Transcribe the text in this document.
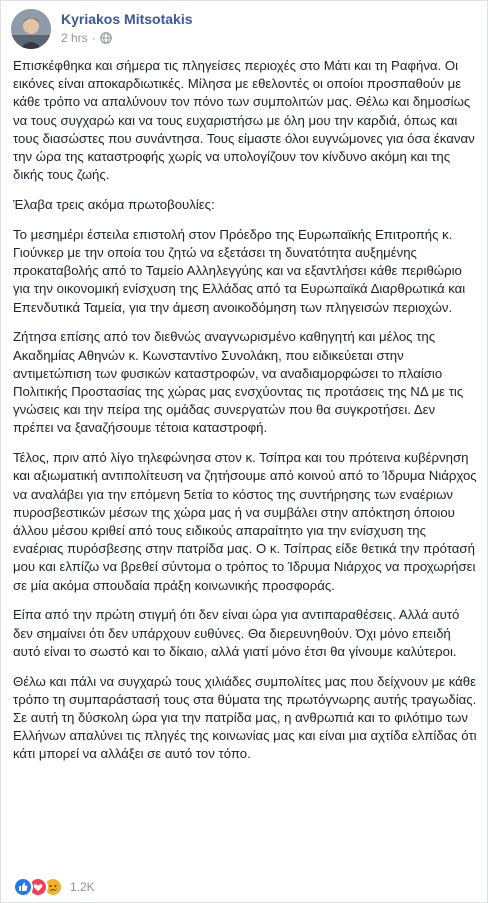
Kyriakos Mitsotakis
2 hrs ·

Επισκέφθηκα και σήμερα τις πληγείσες περιοχές στο Μάτι και τη Ραφήνα. Οι εικόνες είναι αποκαρδιωτικές. Μίλησα με εθελοντές οι οποίοι προσπαθούν με κάθε τρόπο να απαλύνουν τον πόνο των συμπολιτών μας. Θέλω και δημοσίως να τους συγχαρώ και να τους ευχαριστήσω με όλη μου την καρδιά, όπως και τους διασώστες που συνάντησα. Τους είμαστε όλοι ευγνώμονες για όσα έκαναν την ώρα της καταστροφής χωρίς να υπολογίζουν τον κίνδυνο ακόμη και της δικής τους ζωής.

Έλαβα τρεις ακόμα πρωτοβουλίες:

Το μεσημέρι έστειλα επιστολή στον Πρόεδρο της Ευρωπαϊκής Επιτροπής κ. Γιούνκερ με την οποία του ζητώ να εξετάσει τη δυνατότητα αυξημένης προκαταβολής από το Ταμείο Αλληλεγγύης και να εξαντλήσει κάθε περιθώριο για την οικονομική ενίσχυση της Ελλάδας από τα Ευρωπαϊκά Διαρθρωτικά και Επενδυτικά Ταμεία, για την άμεση ανοικοδόμηση των πληγεισών περιοχών.

Ζήτησα επίσης από τον διεθνώς αναγνωρισμένο καθηγητή και μέλος της Ακαδημίας Αθηνών κ. Κωνσταντίνο Συνολάκη, που ειδικεύεται στην αντιμετώπιση των φυσικών καταστροφών, να αναδιαμορφώσει το πλαίσιο Πολιτικής Προστασίας της χώρας μας ενσχύοντας τις προτάσεις της ΝΔ με τις γνώσεις και την πείρα της ομάδας συνεργατών που θα συγκροτήσει. Δεν πρέπει να ξαναζήσουμε τέτοια καταστροφή.

Τέλος, πριν από λίγο τηλεφώνησα στον κ. Τσίπρα και του πρότεινα κυβέρνηση και αξιωματική αντιπολίτευση να ζητήσουμε από κοινού από το Ίδρυμα Νιάρχος να αναλάβει για την επόμενη 5ετία το κόστος της συντήρησης των εναέριων πυροσβεστικών μέσων της χώρα μας ή να συμβάλει στην απόκτηση όποιου άλλου μέσου κριθεί από τους ειδικούς απαραίτητο για την ενίσχυση της εναέριας πυρόσβεσης στην πατρίδα μας. Ο κ. Τσίπρας είδε θετικά την πρότασή μου και ελπίζω να βρεθεί σύντομα ο τρόπος το Ίδρυμα Νιάρχος να προχωρήσει σε μία ακόμα σπουδαία πράξη κοινωνικής προσφοράς.

Είπα από την πρώτη στιγμή ότι δεν είναι ώρα για αντιπαραθέσεις. Αλλά αυτό δεν σημαίνει ότι δεν υπάρχουν ευθύνες. Θα διερευνηθούν. Όχι μόνο επειδή αυτό είναι το σωστό και το δίκαιο, αλλά γιατί μόνο έτσι θα γίνουμε καλύτεροι.

Θέλω και πάλι να συγχαρώ τους χιλιάδες συμπολίτες μας που δείχνουν με κάθε τρόπο τη συμπαράστασή τους στα θύματα της πρωτόγνωρης αυτής τραγωδίας. Σε αυτή τη δύσκολη ώρα για την πατρίδα μας, η ανθρωπιά και το φιλότιμο των Ελλήνων απαλύνει τις πληγές της κοινωνίας μας και είναι μια αχτίδα ελπίδας ότι κάτι μπορεί να αλλάξει σε αυτό τον τόπο.

1.2K
